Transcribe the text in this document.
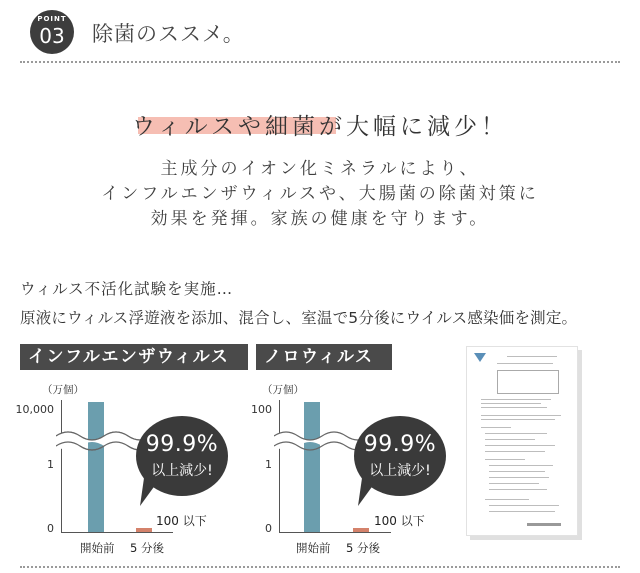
POINT
03	除菌のススメ。
ウィルスや細菌が大幅に減少！
主成分のイオン化ミネラルにより、
インフルエンザウィルスや、大腸菌の除菌対策に
効果を発揮。家族の健康を守ります。
ウィルス不活化試験を実施…
原液にウィルス浮遊液を添加、混合し、室温で5分後にウイルス感染価を測定。
インフルエンザウィルス
（万個）
10,000
1
0
99.9%
以上減少!
100 以下
開始前 5 分後
ノロウィルス
（万個）
100
1
0
99.9%
以上減少!
100 以下
開始前 5 分後
